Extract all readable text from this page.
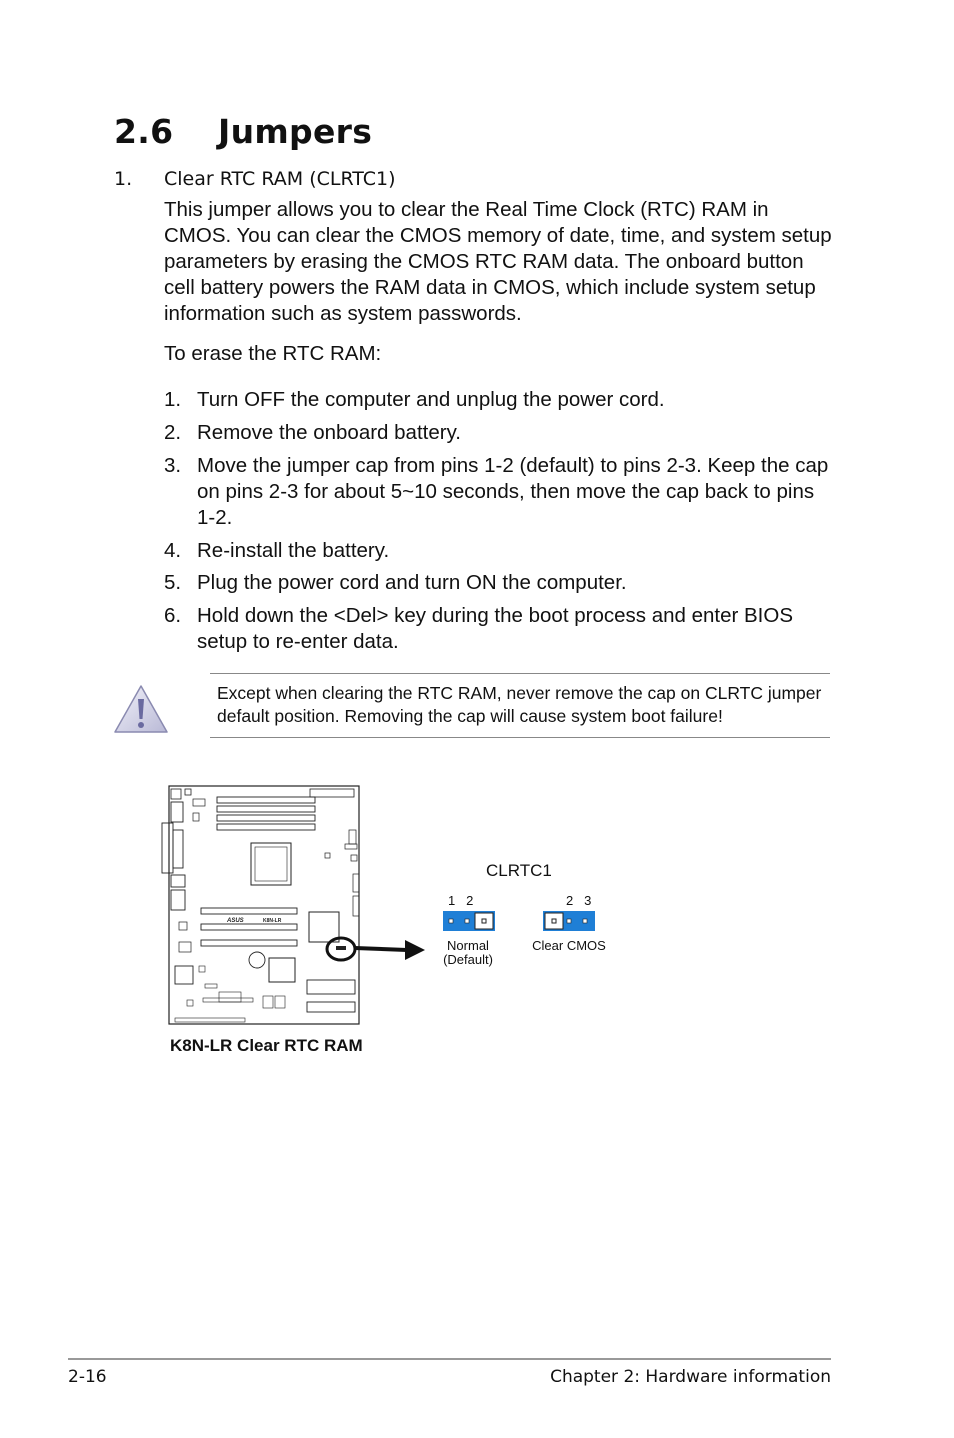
2.6 Jumpers
1. Clear RTC RAM (CLRTC1)
This jumper allows you to clear the Real Time Clock (RTC) RAM in CMOS. You can clear the CMOS memory of date, time, and system setup parameters by erasing the CMOS RTC RAM data. The onboard button cell battery powers the RAM data in CMOS, which include system setup information such as system passwords.
To erase the RTC RAM:
1. Turn OFF the computer and unplug the power cord.
2. Remove the onboard battery.
3. Move the jumper cap from pins 1-2 (default) to pins 2-3. Keep the cap on pins 2-3 for about 5~10 seconds, then move the cap back to pins 1-2.
4. Re-install the battery.
5. Plug the power cord and turn ON the computer.
6. Hold down the <Del> key during the boot process and enter BIOS setup to re-enter data.
Except when clearing the RTC RAM, never remove the cap on CLRTC jumper default position. Removing the cap will cause system boot failure!
ASUS	K8N-LR
CLRTC1
1   2	2   3
Normal
(Default)
Clear CMOS
K8N-LR Clear RTC RAM
2-16	Chapter 2: Hardware information
